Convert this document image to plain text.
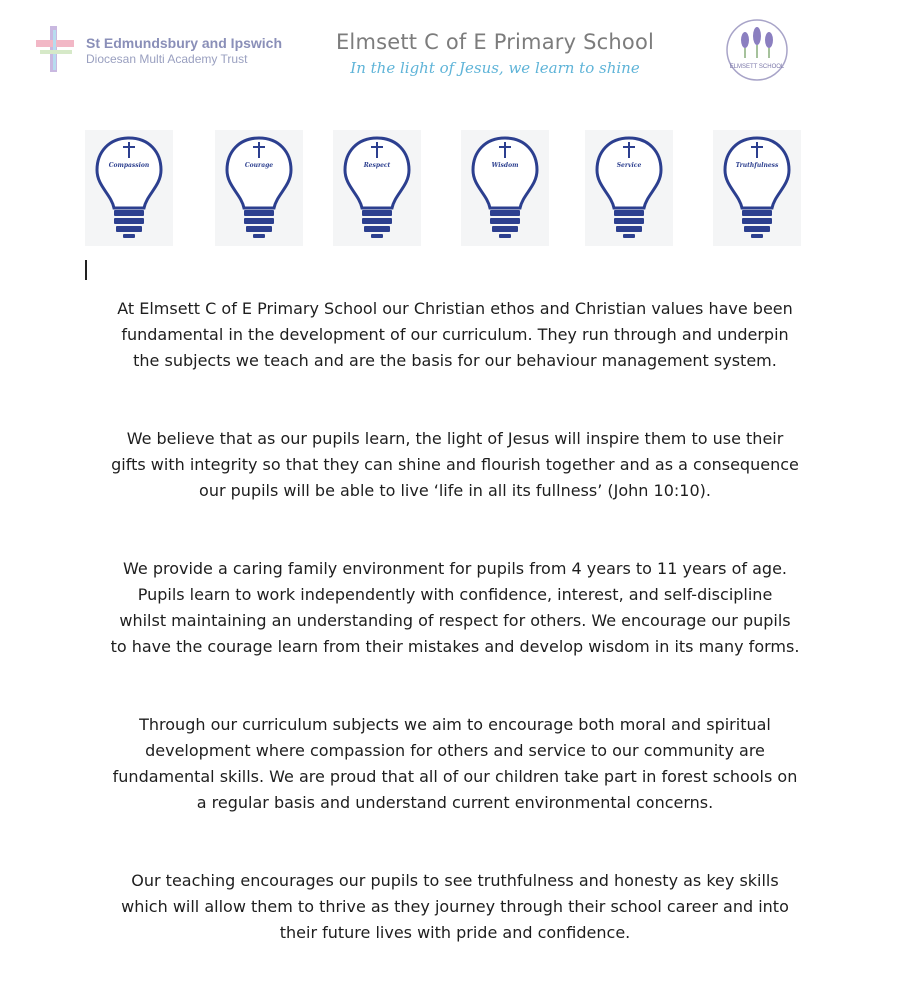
St Edmundsbury and Ipswich
Diocesan Multi Academy Trust
Elmsett C of E Primary School
In the light of Jesus, we learn to shine	ELMSETT SCHOOL
Compassion	Courage	Respect	Wisdom	Service	Truthfulness

At Elmsett C of E Primary School our Christian ethos and Christian values have been
fundamental in the development of our curriculum. They run through and underpin
the subjects we teach and are the basis for our behaviour management system.

We believe that as our pupils learn, the light of Jesus will inspire them to use their
gifts with integrity so that they can shine and flourish together and as a consequence
our pupils will be able to live ‘life in all its fullness’ (John 10:10).

We provide a caring family environment for pupils from 4 years to 11 years of age.
Pupils learn to work independently with confidence, interest, and self-discipline
whilst maintaining an understanding of respect for others. We encourage our pupils
to have the courage learn from their mistakes and develop wisdom in its many forms.

Through our curriculum subjects we aim to encourage both moral and spiritual
development where compassion for others and service to our community are
fundamental skills. We are proud that all of our children take part in forest schools on
a regular basis and understand current environmental concerns.

Our teaching encourages our pupils to see truthfulness and honesty as key skills
which will allow them to thrive as they journey through their school career and into
their future lives with pride and confidence.
